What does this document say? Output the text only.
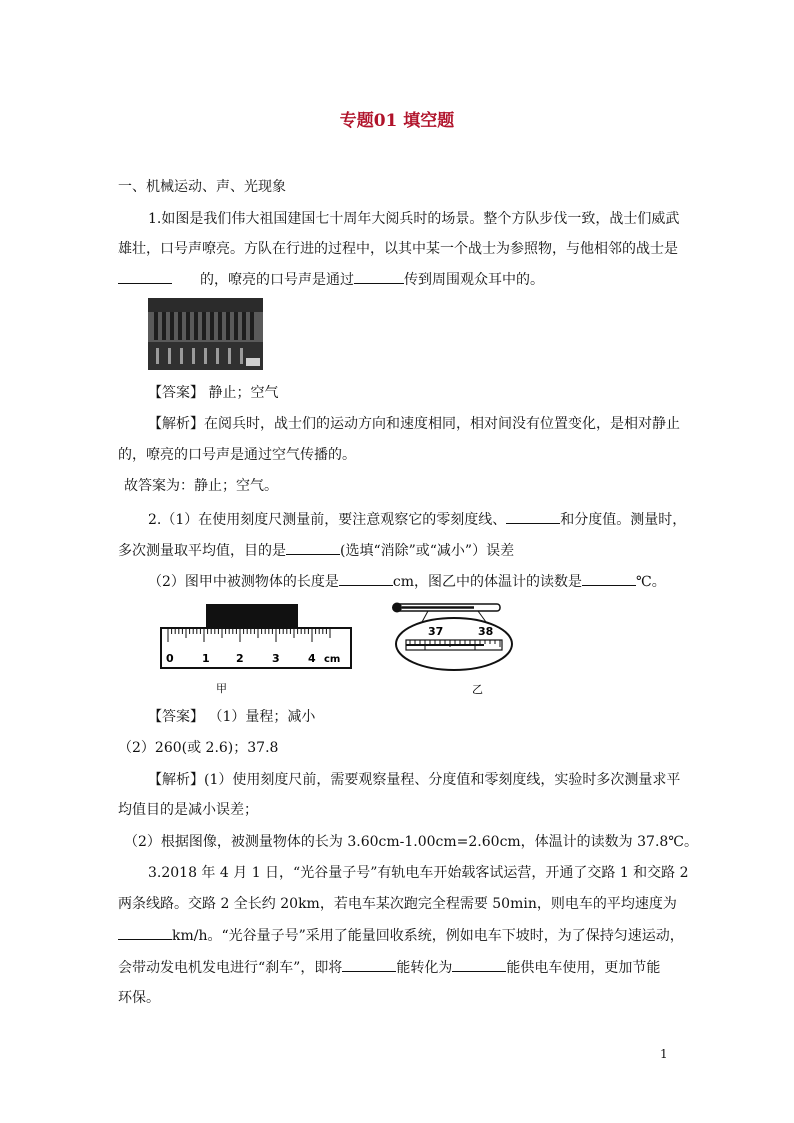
专题01 填空题
一、机械运动、声、光现象
1.如图是我们伟大祖国建国七十周年大阅兵时的场景。整个方队步伐一致，战士们威武
雄壮，口号声嘹亮。方队在行进的过程中，以其中某一个战士为参照物，与他相邻的战士是
的，嘹亮的口号声是通过	传到周围观众耳中的。
【答案】 静止；空气
【解析】在阅兵时，战士们的运动方向和速度相同，相对间没有位置变化，是相对静止
的，嘹亮的口号声是通过空气传播的。
故答案为：静止；空气。
2.（1）在使用刻度尺测量前，要注意观察它的零刻度线、	和分度值。测量时，
多次测量取平均值，目的是	(选填“消除”或“减小”）误差
（2）图甲中被测物体的长度是	cm，图乙中的体温计的读数是	℃。
0	1 2	3	4 cm
甲
37	38
乙
【答案】 （1）量程；减小
（2）260(或 2.6)；37.8
【解析】(1）使用刻度尺前，需要观察量程、分度值和零刻度线，实验时多次测量求平
均值目的是减小误差；
（2）根据图像，被测量物体的长为 3.60cm-1.00cm=2.60cm，体温计的读数为 37.8℃。
3.2018 年 4 月 1 日，“光谷量子号”有轨电车开始载客试运营，开通了交路 1 和交路 2
两条线路。交路 2 全长约 20km，若电车某次跑完全程需要 50min，则电车的平均速度为
km/h。“光谷量子号”采用了能量回收系统，例如电车下坡时，为了保持匀速运动，
会带动发电机发电进行“刹车”，即将	能转化为	能供电车使用，更加节能
环保。
1
